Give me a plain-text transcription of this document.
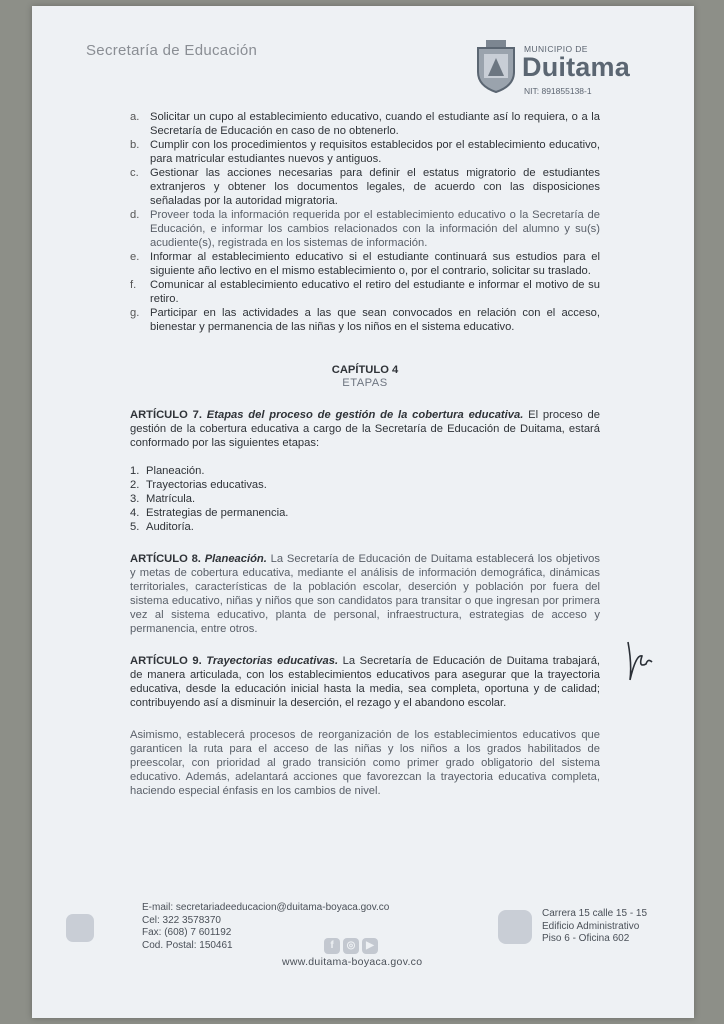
Secretaría de Educación	MUNICIPIO DE
Duitama
NIT: 891855138-1
a. Solicitar un cupo al establecimiento educativo, cuando el estudiante así lo requiera, o a la Secretaría de Educación en caso de no obtenerlo.
b. Cumplir con los procedimientos y requisitos establecidos por el establecimiento educativo, para matricular estudiantes nuevos y antiguos.
c. Gestionar las acciones necesarias para definir el estatus migratorio de estudiantes extranjeros y obtener los documentos legales, de acuerdo con las disposiciones señaladas por la autoridad migratoria.
d. Proveer toda la información requerida por el establecimiento educativo o la Secretaría de Educación, e informar los cambios relacionados con la información del alumno y su(s) acudiente(s), registrada en los sistemas de información.
e. Informar al establecimiento educativo si el estudiante continuará sus estudios para el siguiente año lectivo en el mismo establecimiento o, por el contrario, solicitar su traslado.
f. Comunicar al establecimiento educativo el retiro del estudiante e informar el motivo de su retiro.
g. Participar en las actividades a las que sean convocados en relación con el acceso, bienestar y permanencia de las niñas y los niños en el sistema educativo.
CAPÍTULO 4
ETAPAS

ARTÍCULO 7. Etapas del proceso de gestión de la cobertura educativa. El proceso de gestión de la cobertura educativa a cargo de la Secretaría de Educación de Duitama, estará conformado por las siguientes etapas:

1. Planeación.
2. Trayectorias educativas.
3. Matrícula.
4. Estrategias de permanencia.
5. Auditoría.

ARTÍCULO 8. Planeación. La Secretaría de Educación de Duitama establecerá los objetivos y metas de cobertura educativa, mediante el análisis de información demográfica, dinámicas territoriales, características de la población escolar, deserción y población por fuera del sistema educativo, niñas y niños que son candidatos para transitar o que ingresan por primera vez al sistema educativo, planta de personal, infraestructura, estrategias de acceso y permanencia, entre otros.

ARTÍCULO 9. Trayectorias educativas. La Secretaría de Educación de Duitama trabajará, de manera articulada, con los establecimientos educativos para asegurar que la trayectoria educativa, desde la educación inicial hasta la media, sea completa, oportuna y de calidad; contribuyendo así a disminuir la deserción, el rezago y el abandono escolar.

Asimismo, establecerá procesos de reorganización de los establecimientos educativos que garanticen la ruta para el acceso de las niñas y los niños a los grados habilitados de preescolar, con prioridad al grado transición como primer grado obligatorio del sistema educativo. Además, adelantará acciones que favorezcan la trayectoria educativa completa, haciendo especial énfasis en los cambios de nivel.

E-mail: secretariadeeducacion@duitama-boyaca.gov.co
Cel: 322 3578370
Fax: (608) 7 601192
Cod. Postal: 150461	f ◎ ▶
www.duitama-boyaca.gov.co
Carrera 15 calle 15 - 15
Edificio Administrativo
Piso 6 - Oficina 602
